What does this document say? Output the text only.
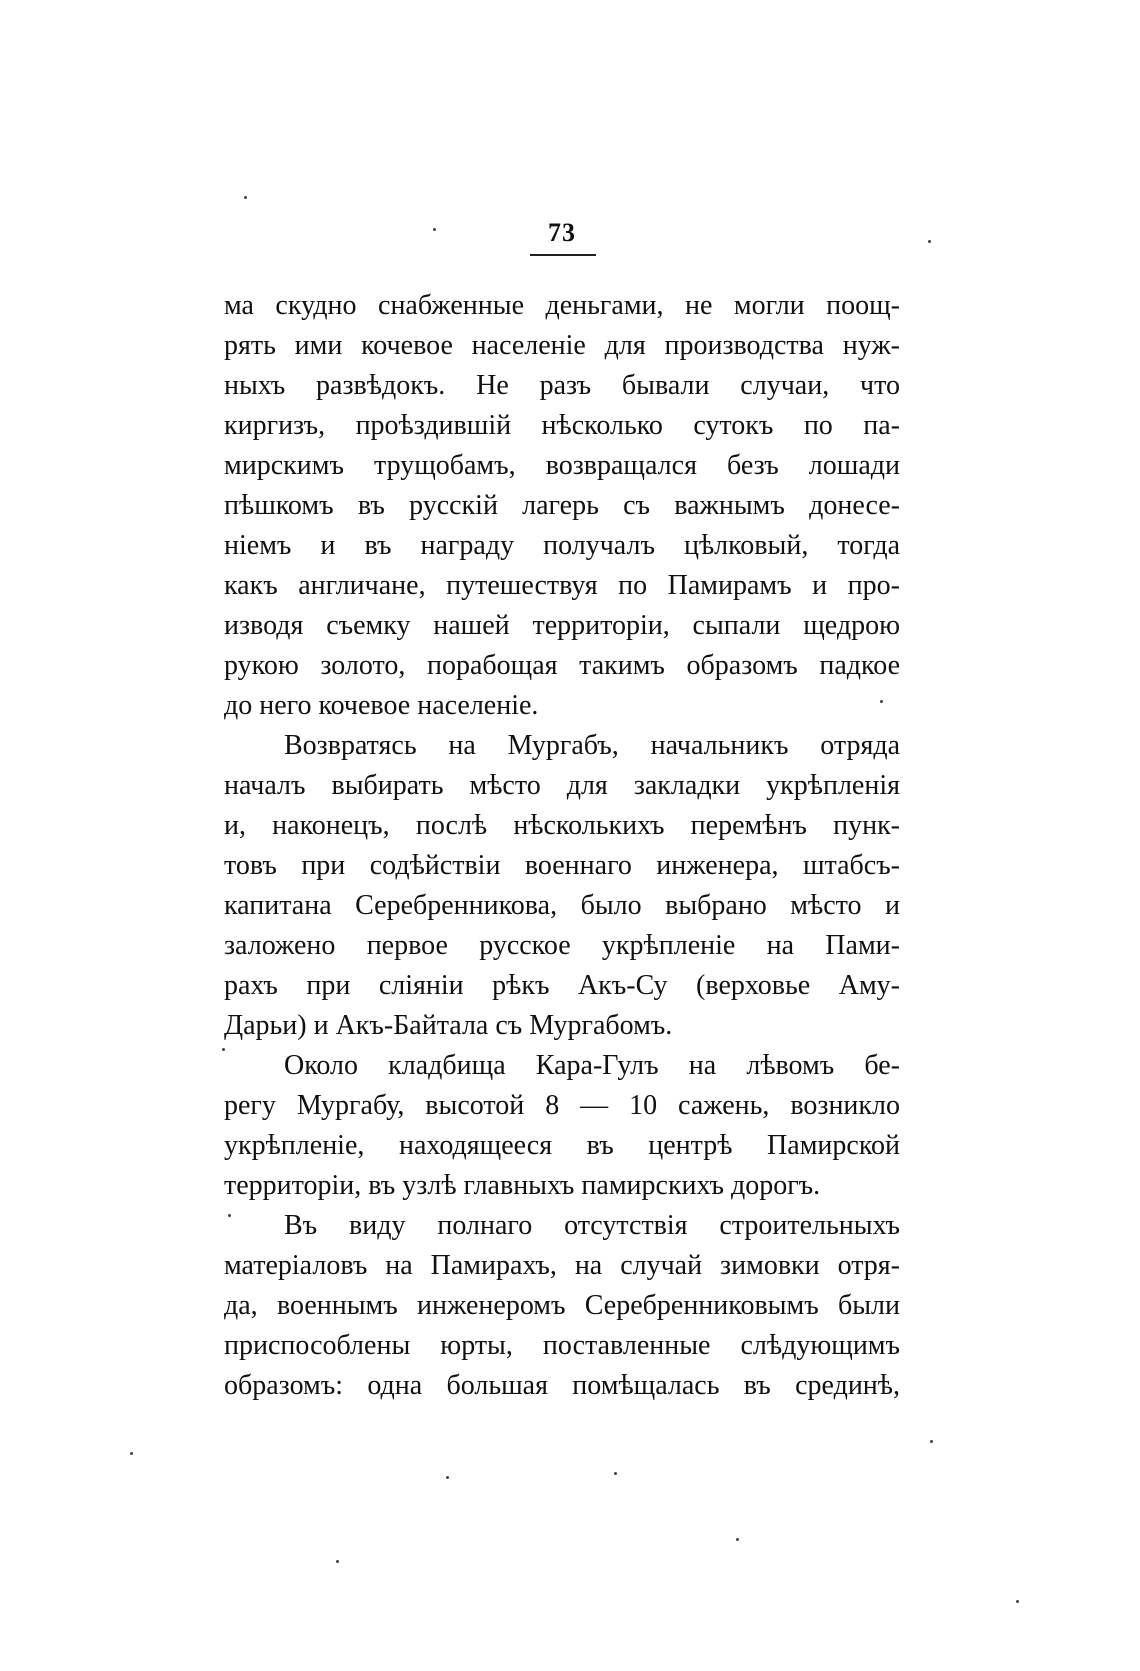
73
ма скудно снабженные деньгами, не могли поощ-
рять ими кочевое населеніе для производства нуж-
ныхъ развѣдокъ. Не разъ бывали случаи, что
киргизъ, проѣздившій нѣсколько сутокъ по па-
мирскимъ трущобамъ, возвращался безъ лошади
пѣшкомъ въ русскій лагерь съ важнымъ донесе-
ніемъ и въ награду получалъ цѣлковый, тогда
какъ англичане, путешествуя по Памирамъ и про-
изводя съемку нашей территоріи, сыпали щедрою
рукою золото, порабощая такимъ образомъ падкое
до него кочевое населеніе.
Возвратясь на Мургабъ, начальникъ отряда
началъ выбирать мѣсто для закладки укрѣпленія
и, наконецъ, послѣ нѣсколькихъ перемѣнъ пунк-
товъ при содѣйствіи военнаго инженера, штабсъ-
капитана Серебренникова, было выбрано мѣсто и
заложено первое русское укрѣпленіе на Пами-
рахъ при сліяніи рѣкъ Акъ-Су (верховье Аму-
Дарьи) и Акъ-Байтала съ Мургабомъ.
Около кладбища Кара-Гулъ на лѣвомъ бе-
регу Мургабу, высотой 8 — 10 сажень, возникло
укрѣпленіе, находящееся въ центрѣ Памирской
территоріи, въ узлѣ главныхъ памирскихъ дорогъ.
Въ виду полнаго отсутствія строительныхъ
матеріаловъ на Памирахъ, на случай зимовки отря-
да, военнымъ инженеромъ Серебренниковымъ были
приспособлены юрты, поставленные слѣдующимъ
образомъ: одна большая помѣщалась въ срединѣ,
